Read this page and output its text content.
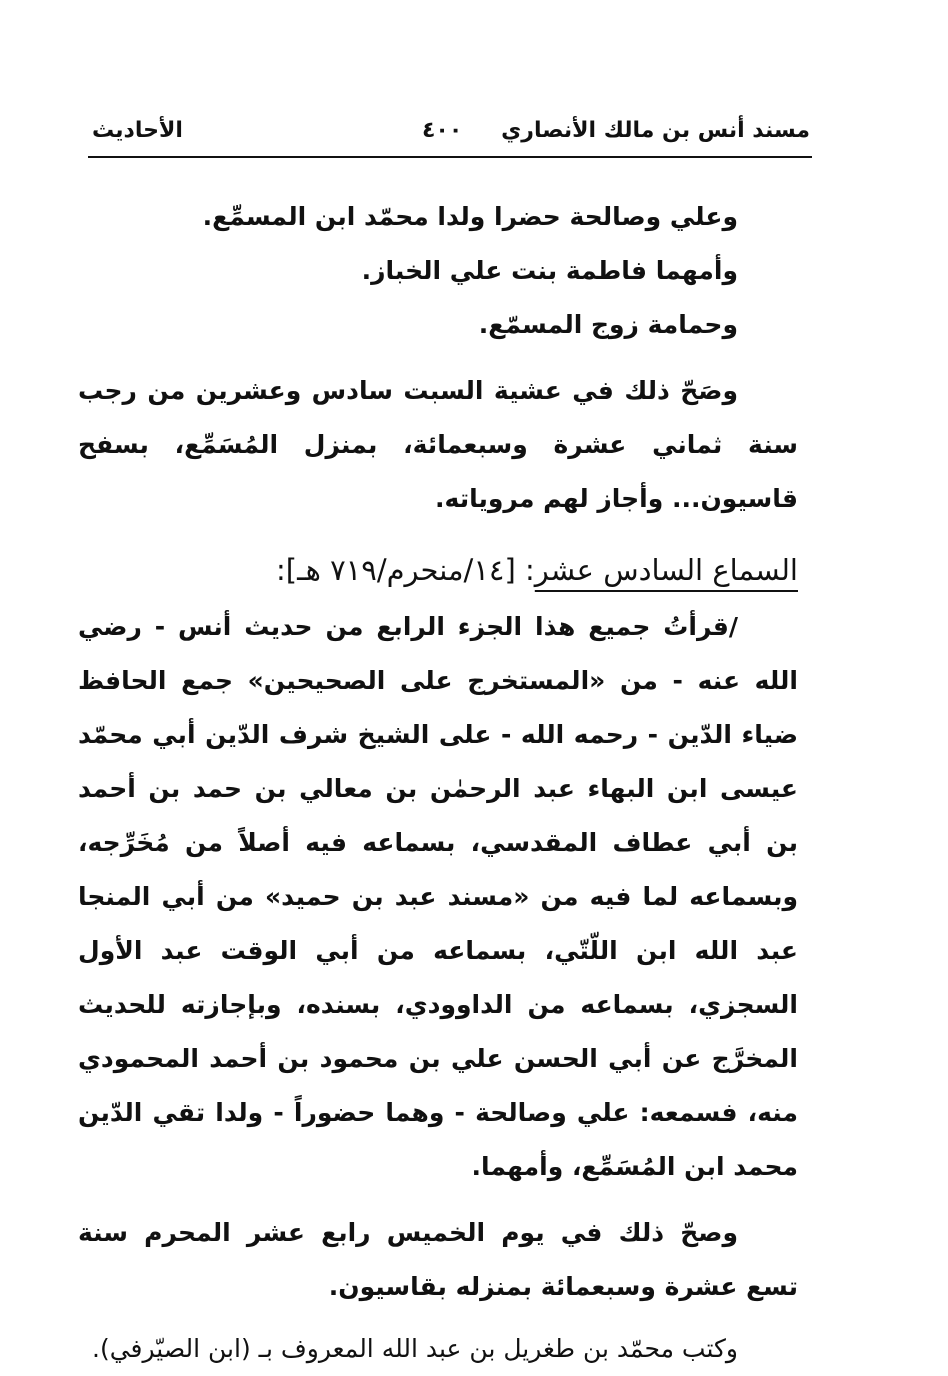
مسند أنس بن مالك الأنصاري
٤٠٠
الأحاديث

وعلي وصالحة حضرا ولدا محمّد ابن المسمِّع.

وأمهما فاطمة بنت علي الخباز.

وحمامة زوج المسمّع.

وصَحّ ذلك في عشية السبت سادس وعشرين من رجب سنة ثماني عشرة وسبعمائة، بمنزل المُسَمِّع، بسفح قاسيون... وأجاز لهم مروياته.

السماع السادس عشر: [١٤/منحرم/٧١٩ هـ]:

/قرأتُ جميع هذا الجزء الرابع من حديث أنس - رضي الله عنه - من «المستخرج على الصحيحين» جمع الحافظ ضياء الدّين - رحمه الله - على الشيخ شرف الدّين أبي محمّد عيسى ابن البهاء عبد الرحمٰن بن معالي بن حمد بن أحمد بن أبي عطاف المقدسي، بسماعه فيه أصلاً من مُخَرِّجه، وبسماعه لما فيه من «مسند عبد بن حميد» من أبي المنجا عبد الله ابن اللّتّي، بسماعه من أبي الوقت عبد الأول السجزي، بسماعه من الداوودي، بسنده، وبإجازته للحديث المخرَّج عن أبي الحسن علي بن محمود بن أحمد المحمودي منه، فسمعه: علي وصالحة - وهما حضوراً - ولدا تقي الدّين محمد ابن المُسَمِّع، وأمهما.

وصحّ ذلك في يوم الخميس رابع عشر المحرم سنة تسع عشرة وسبعمائة بمنزله بقاسيون.

وكتب محمّد بن طغريل بن عبد الله المعروف بـ (ابن الصيّرفي).
